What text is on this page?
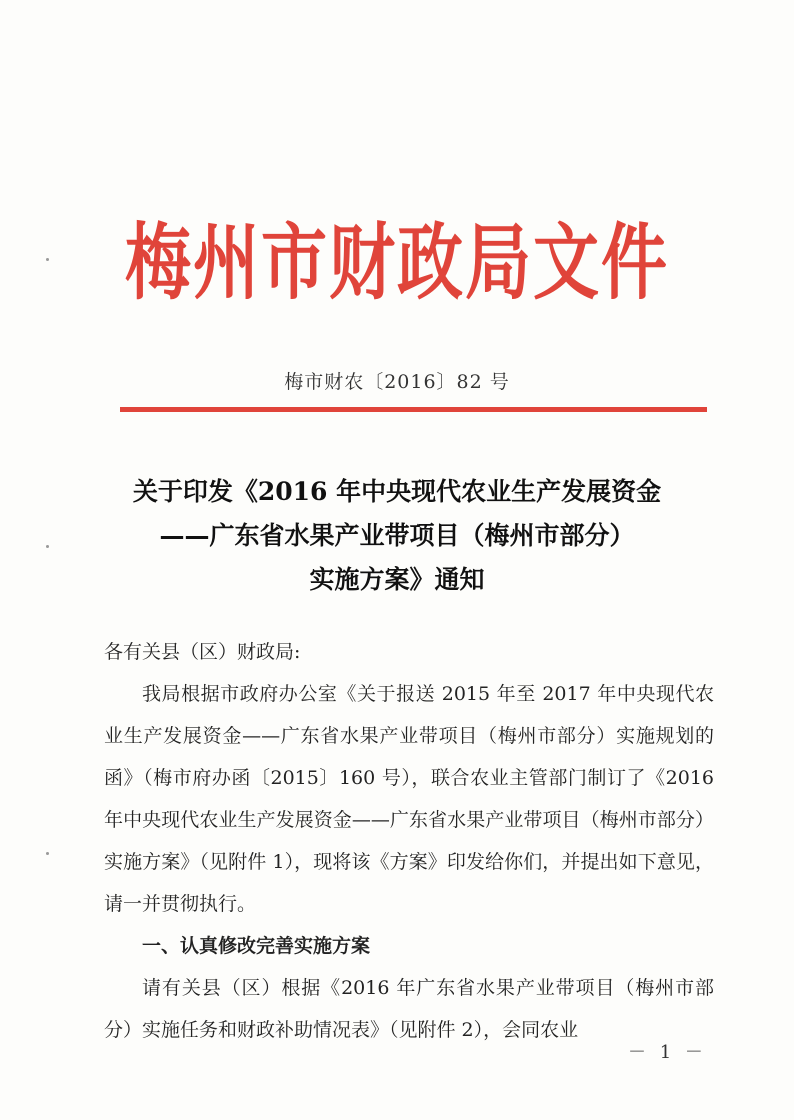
梅州市财政局文件
梅市财农〔2016〕82 号
关于印发《2016 年中央现代农业生产发展资金
——广东省水果产业带项目（梅州市部分）
实施方案》通知

各有关县（区）财政局:

我局根据市政府办公室《关于报送 2015 年至 2017 年中央现代农业生产发展资金——广东省水果产业带项目（梅州市部分）实施规划的函》（梅市府办函〔2015〕160 号），联合农业主管部门制订了《2016 年中央现代农业生产发展资金——广东省水果产业带项目（梅州市部分）实施方案》（见附件 1），现将该《方案》印发给你们，并提出如下意见，请一并贯彻执行。

一、认真修改完善实施方案

请有关县（区）根据《2016 年广东省水果产业带项目（梅州市部分）实施任务和财政补助情况表》（见附件 2），会同农业

－ 1 －
